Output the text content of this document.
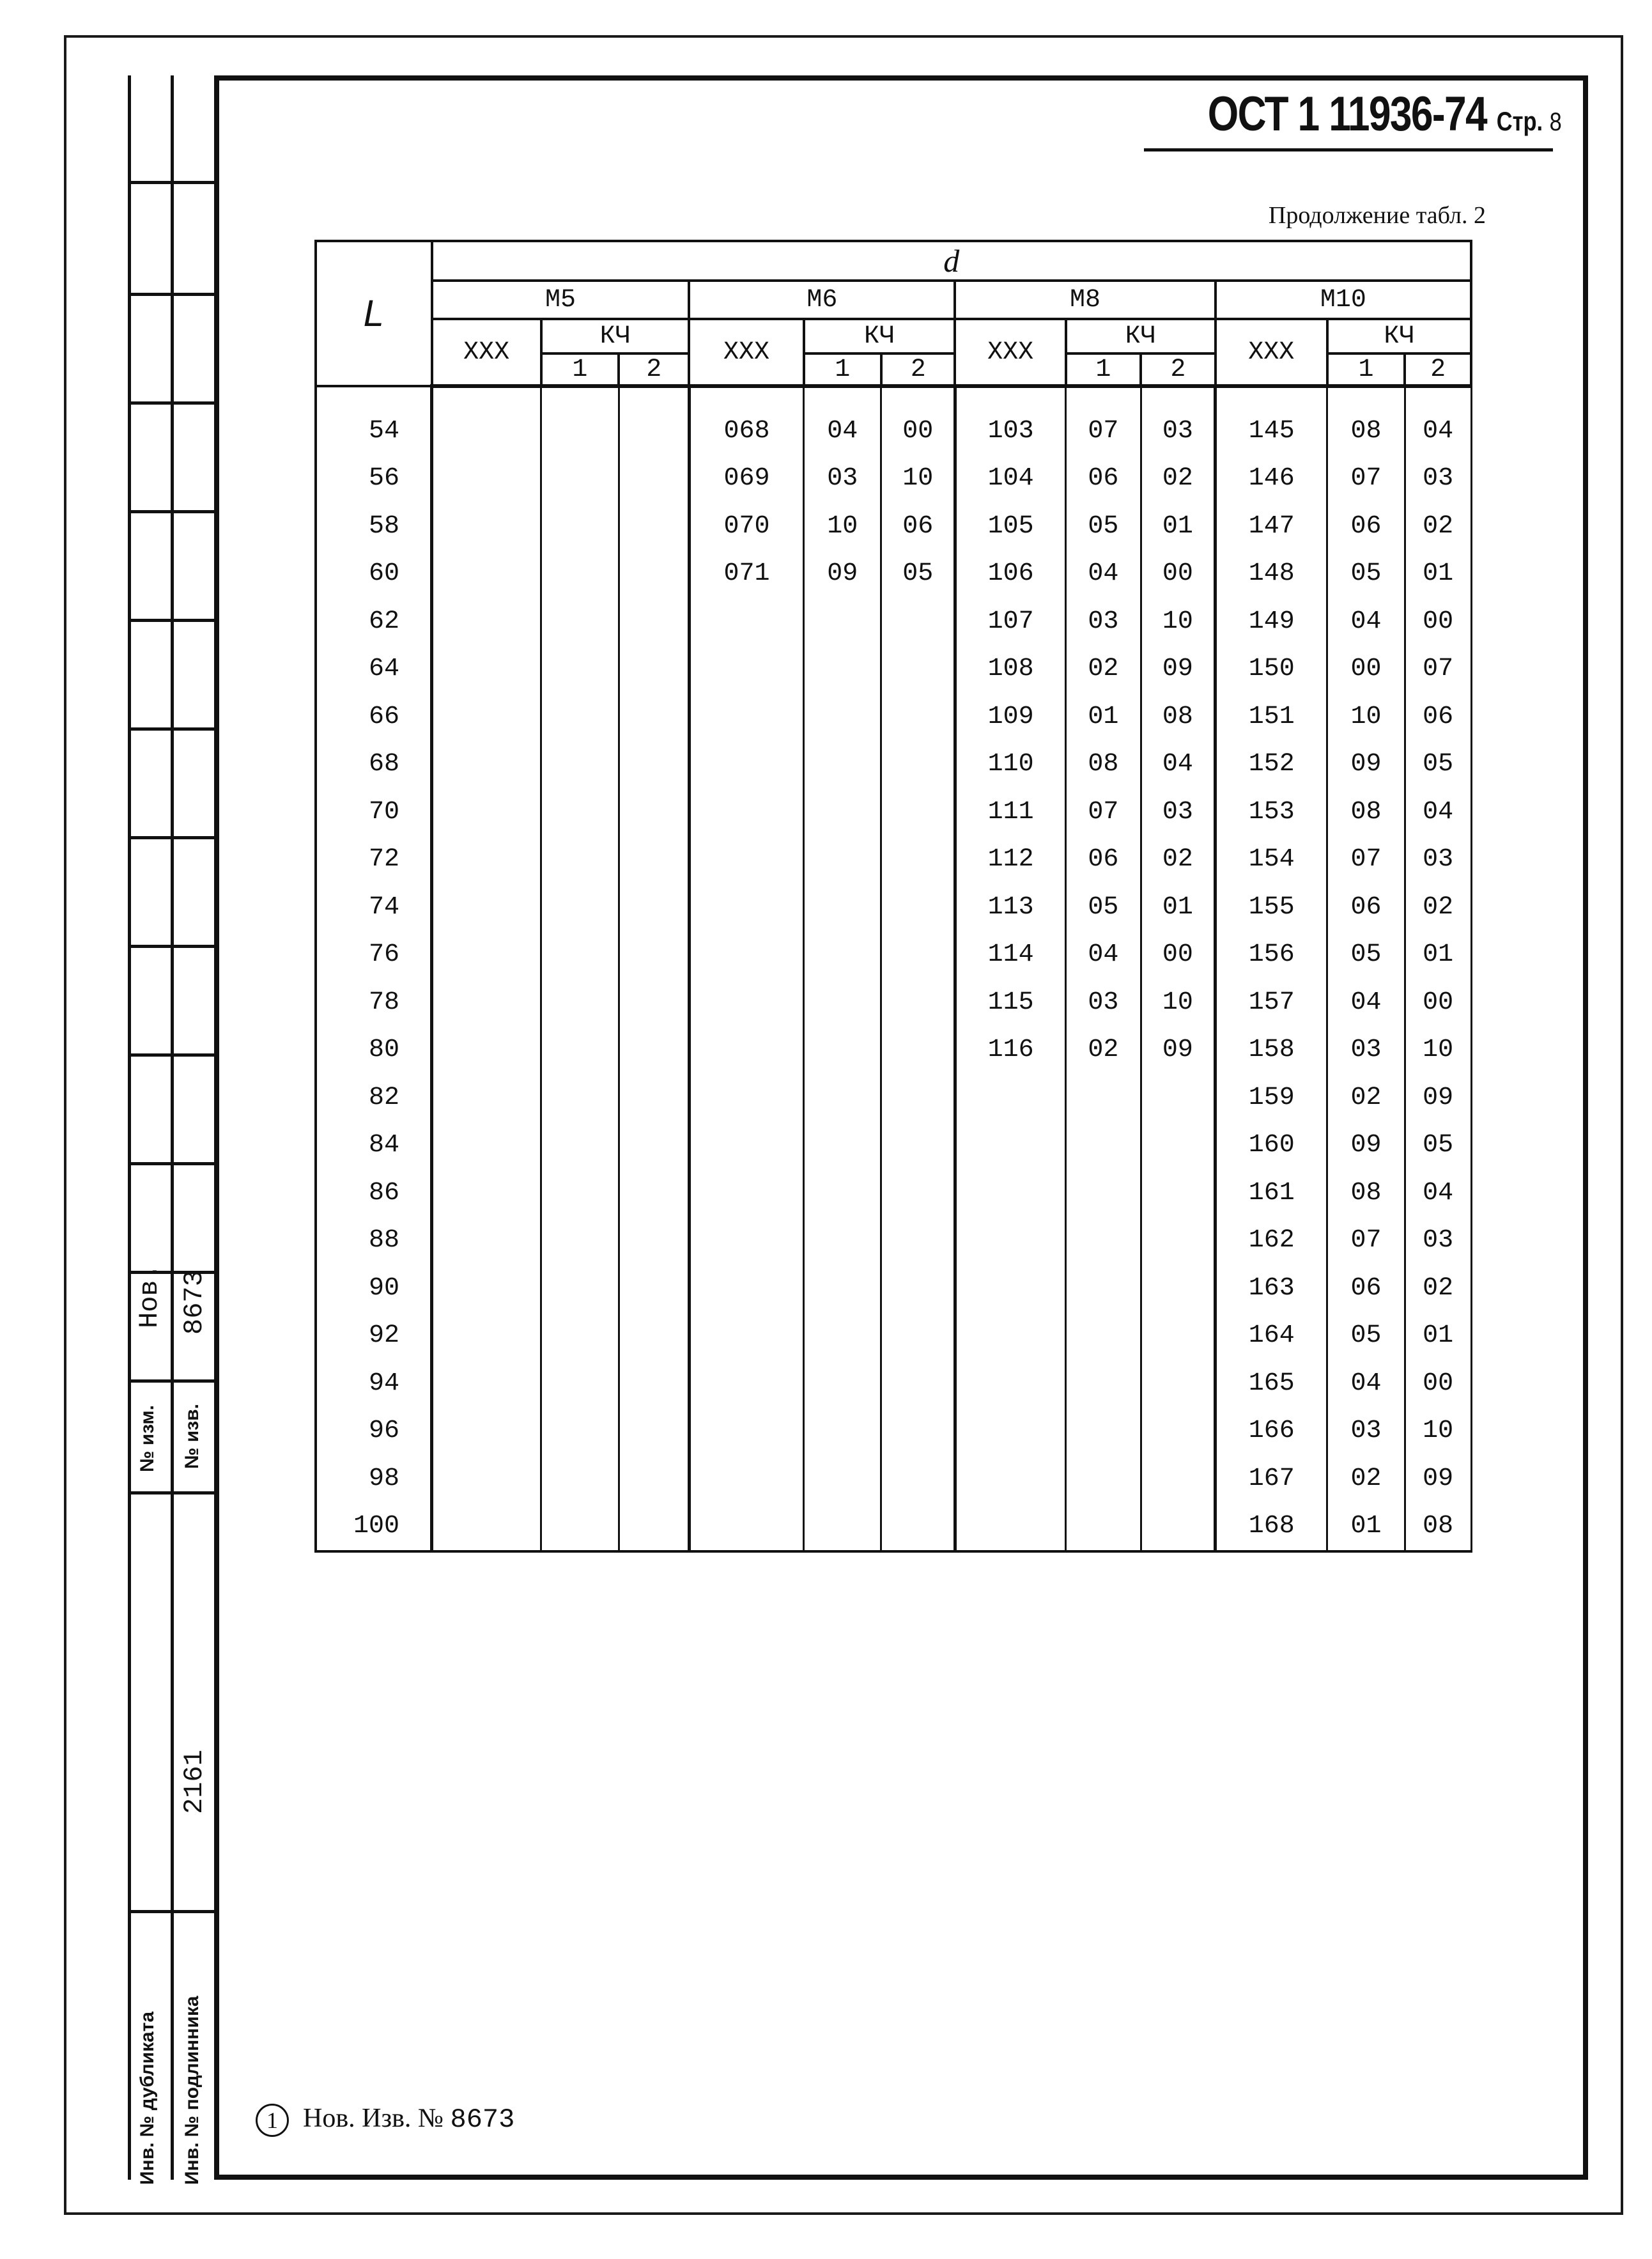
Нов. 8673
№ изм. № изв.
2161
Инв. № дубликата Инв. № подлинника
ОСТ 1 11936-74 Стр. 8
Продолжение табл. 2
L	d											
	М5			М6			М8			М10		
	ХХХ	КЧ		ХХХ	КЧ		ХХХ	КЧ		ХХХ	КЧ	
		1	2		1	2		1	2		1	2

54				068	04	00	103	07	03	145	08	04
56				069	03	10	104	06	02	146	07	03
58				070	10	06	105	05	01	147	06	02
60				071	09	05	106	04	00	148	05	01
62							107	03	10	149	04	00
64							108	02	09	150	00	07
66							109	01	08	151	10	06
68							110	08	04	152	09	05
70							111	07	03	153	08	04
72							112	06	02	154	07	03
74							113	05	01	155	06	02
76							114	04	00	156	05	01
78							115	03	10	157	04	00
80							116	02	09	158	03	10
82										159	02	09
84										160	09	05
86										161	08	04
88										162	07	03
90										163	06	02
92										164	05	01
94										165	04	00
96										166	03	10
98										167	02	09
100										168	01	08
1 Нов. Изв. № 8673
